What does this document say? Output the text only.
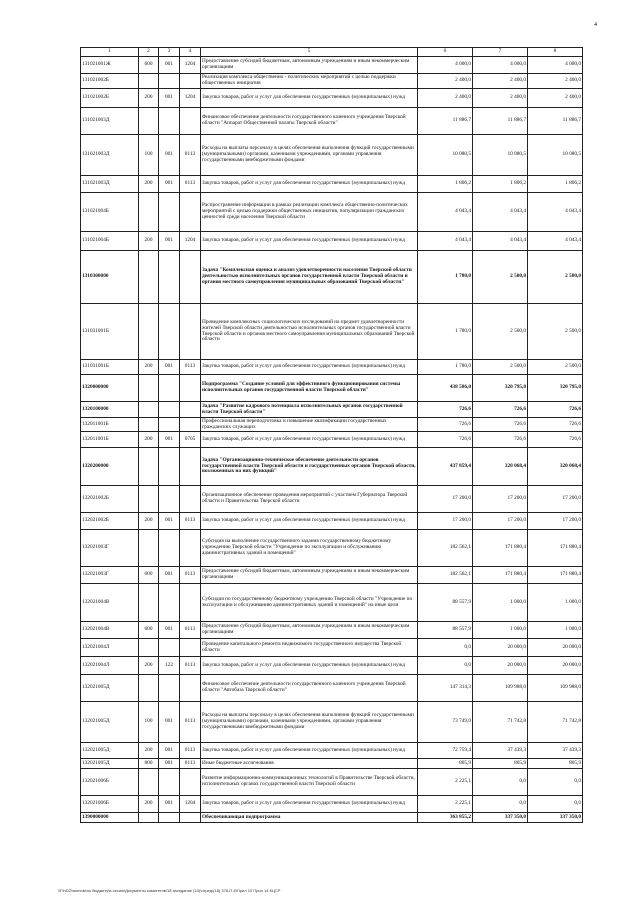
4
1	2	3	4	5	6	7	8
131021001Ж	600	001	1204	Предоставление субсидий бюджетным, автономным учреждениям и иным некоммерческим организациям	4 000,0	4 000,0	4 000,0
131021002Б				Реализация комплекса общественно - политических мероприятий с целью поддержки общественных инициатив	2 400,0	2 400,0	2 400,0
131021002Б	200	001	1204	Закупка товаров, работ и услуг для обеспечения государственных (муниципальных) нужд	2 400,0	2 400,0	2 400,0
131021003Д				Финансовое обеспечение деятельности государственного казенного учреждения Тверской области "Аппарат Общественной палаты Тверской области"	11 886,7	11 886,7	11 886,7
131021003Д	100	001	0113	Расходы на выплаты персоналу в целях обеспечения выполнения функций государственными (муниципальными) органами, казенными учреждениями, органами управления государственными внебюджетными фондами	10 080,5	10 080,5	10 080,5
131021003Д	200	001	0113	Закупка товаров, работ и услуг для обеспечения государственных (муниципальных) нужд	1 806,2	1 806,2	1 806,2
131021004Б				Распространение информации в рамках реализации комплекса общественно-политических мероприятий с целью поддержки общественных инициатив, популяризации гражданских ценностей среди населения Тверской области	4 043,4	4 043,4	4 043,4
131021004Б	200	001	1204	Закупка товаров, работ и услуг для обеспечения государственных (муниципальных) нужд	4 043,4	4 043,4	4 043,4
1310300000				Задача "Комплексная оценка и анализ удовлетворенности населения Тверской области деятельностью исполнительных органов государственной власти Тверской области и органов местного самоуправления муниципальных образований Тверской области"	1 780,0	2 500,0	2 500,0
131031001Б				Проведение комплексных социологических исследований на предмет удовлетворенности жителей Тверской области деятельностью исполнительных органов государственной власти Тверской области и органов местного самоуправления муниципальных образований Тверской области	1 780,0	2 500,0	2 500,0
131031001Б	200	001	0113	Закупка товаров, работ и услуг для обеспечения государственных (муниципальных) нужд	1 780,0	2 500,0	2 500,0
1320000000				Подпрограмма "Создание условий для эффективного функционирования системы исполнительных органов государственной власти Тверской области"	438 586,0	320 795,0	320 795,0
1320100000				Задача "Развитие кадрового потенциала исполнительных органов государственной власти Тверской области"	726,6	726,6	726,6
132011001Б				Профессиональная переподготовка и повышение квалификации государственных гражданских служащих	726,6	726,6	726,6
132011001Б	200	001	0705	Закупка товаров, работ и услуг для обеспечения государственных (муниципальных) нужд	726,6	726,6	726,6
1320200000				Задача "Организационно-техническое обеспечение деятельности органов государственной власти Тверской области и государственных органов Тверской области, возложенных на них функций"	437 859,4	320 068,4	320 068,4
132021002Б				Организационное обеспечение проведения мероприятий с участием Губернатора Тверской области и Правительства Тверской области	17 200,0	17 200,0	17 200,0
132021002Б	200	001	0113	Закупка товаров, работ и услуг для обеспечения государственных (муниципальных) нужд	17 200,0	17 200,0	17 200,0
132021003Г				Субсидия на выполнение государственного задания государственному бюджетному учреждению Тверской области "Учреждение по эксплуатации и обслуживанию административных зданий и помещений"	182 562,1	171 880,4	171 880,4
132021003Г	600	001	0113	Предоставление субсидий бюджетным, автономным учреждениям и иным некоммерческим организациям	182 562,1	171 880,4	171 880,4
132021004В				Субсидия по государственному бюджетному учреждению Тверской области "Учреждение по эксплуатации и обслуживанию административных зданий и помещений" на иные цели	88 557,9	1 000,0	1 000,0
132021004В	600	001	0113	Предоставление субсидий бюджетным, автономным учреждениям и иным некоммерческим организациям	88 557,9	1 000,0	1 000,0
132021004Л				Проведение капитального ремонта недвижимого государственного имущества Тверской области	0,0	20 000,0	20 000,0
132021004Л	200	122	0113	Закупка товаров, работ и услуг для обеспечения государственных (муниципальных) нужд	0,0	20 000,0	20 000,0
132021005Д				Финансовое обеспечение деятельности государственного казенного учреждения Тверской области "Автобаза Тверской области"	147 314,3	109 988,0	109 988,0
132021005Д	100	001	0113	Расходы на выплаты персоналу в целях обеспечения выполнения функций государственными (муниципальными) органами, казенными учреждениями, органами управления государственными внебюджетными фондами	73 749,0	71 742,8	71 742,8
132021005Д	200	001	0113	Закупка товаров, работ и услуг для обеспечения государственных (муниципальных) нужд	72 759,4	37 439,3	37 439,3
132021005Д	800	001	0113	Иные бюджетные ассигнования	805,9	805,9	805,9
132021006Б				Развитие информационно-коммуникационных технологий в Правительстве Тверской области, исполнительных органах государственной власти Тверской области	2 225,1	0,0	0,0
132021006Б	200	001	1204	Закупка товаров, работ и услуг для обеспечения государственных (муниципальных) нужд	2 225,1	0,0	0,0
1390000000				Обеспечивающая подпрограмма	363 855,2	337 350,0	337 350,0
\\FinDZ\эконом\по бюджету\в сесию\Документы комитетов\18 заседание (10)\отред\(18) 378-П-6\Прил 10 Прил 14 КЦСР
